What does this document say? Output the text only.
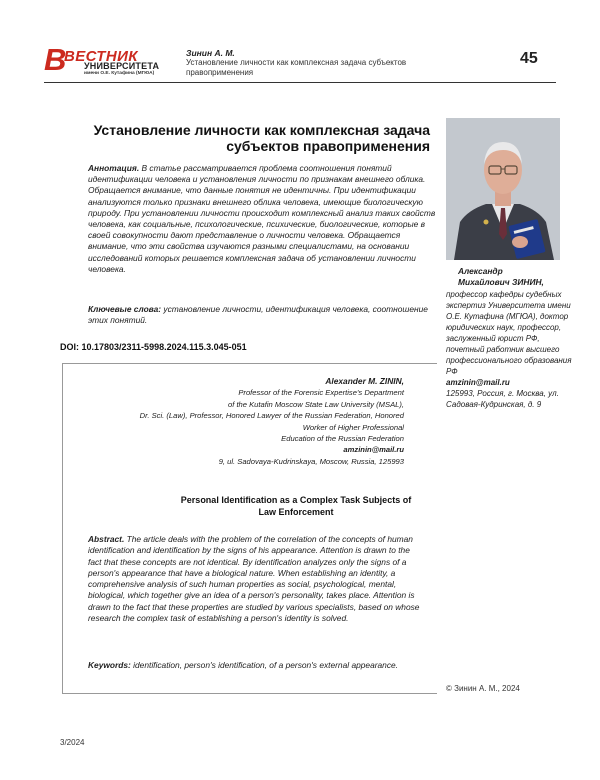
В
ВЕСТНИК
УНИВЕРСИТЕТА
имени О.Е. Кутафина (МГЮА)
Зинин А. М.
Установление личности как комплексная задача субъектов правоприменения
45
Установление личности как комплексная задача субъектов правоприменения

Аннотация. В статье рассматривается проблема соотношения понятий идентификации человека и установления личности по признакам внешнего облика. Обращается внимание, что данные понятия не идентичны. При идентификации анализуются только признаки внешнего облика человека, имеющие биологическую природу. При установлении личности происходит комплексный анализ таких свойств человека, как социальные, психологические, психические, биологические, которые в своей совокупности дают представление о личности человека. Обращается внимание, что эти свойства изучаются разными специалистами, на основании исследований которых решается комплексная задача об установлении личности человека.

Ключевые слова: установление личности, идентификация человека, соотношение этих понятий.
DOI: 10.17803/2311-5998.2024.115.3.045-051
Александр
Михайлович ЗИНИН,
профессор кафедры судебных экспертиз Университета имени О.Е. Кутафина (МГЮА), доктор юридических наук, профессор, заслуженный юрист РФ, почетный работник высшего профессионального образования РФ
amzinin@mail.ru
125993, Россия, г. Москва, ул. Садовая-Кудринская, д. 9
Alexander M. ZININ,
Professor of the Forensic Expertise's Department
of the Kutafin Moscow State Law University (MSAL),
Dr. Sci. (Law), Professor, Honored Lawyer of the Russian Federation, Honored
Worker of Higher Professional
Education of the Russian Federation
amzinin@mail.ru
9, ul. Sadovaya-Kudrinskaya, Moscow, Russia, 125993
Personal Identification as a Complex Task Subjects of Law Enforcement
Abstract. The article deals with the problem of the correlation of the concepts of human identification and identification by the signs of his appearance. Attention is drawn to the fact that these concepts are not identical. By identification analyzes only the signs of a person's appearance that have a biological nature. When establishing an identity, a comprehensive analysis of such human properties as social, psychological, mental, biological, which together give an idea of a person's personality, takes place. Attention is drawn to the fact that these properties are studied by various specialists, based on whose research the complex task of establishing a person's identity is solved.
Keywords: identification, person's identification, of a person's external appearance.
© Зинин А. М., 2024
3/2024
